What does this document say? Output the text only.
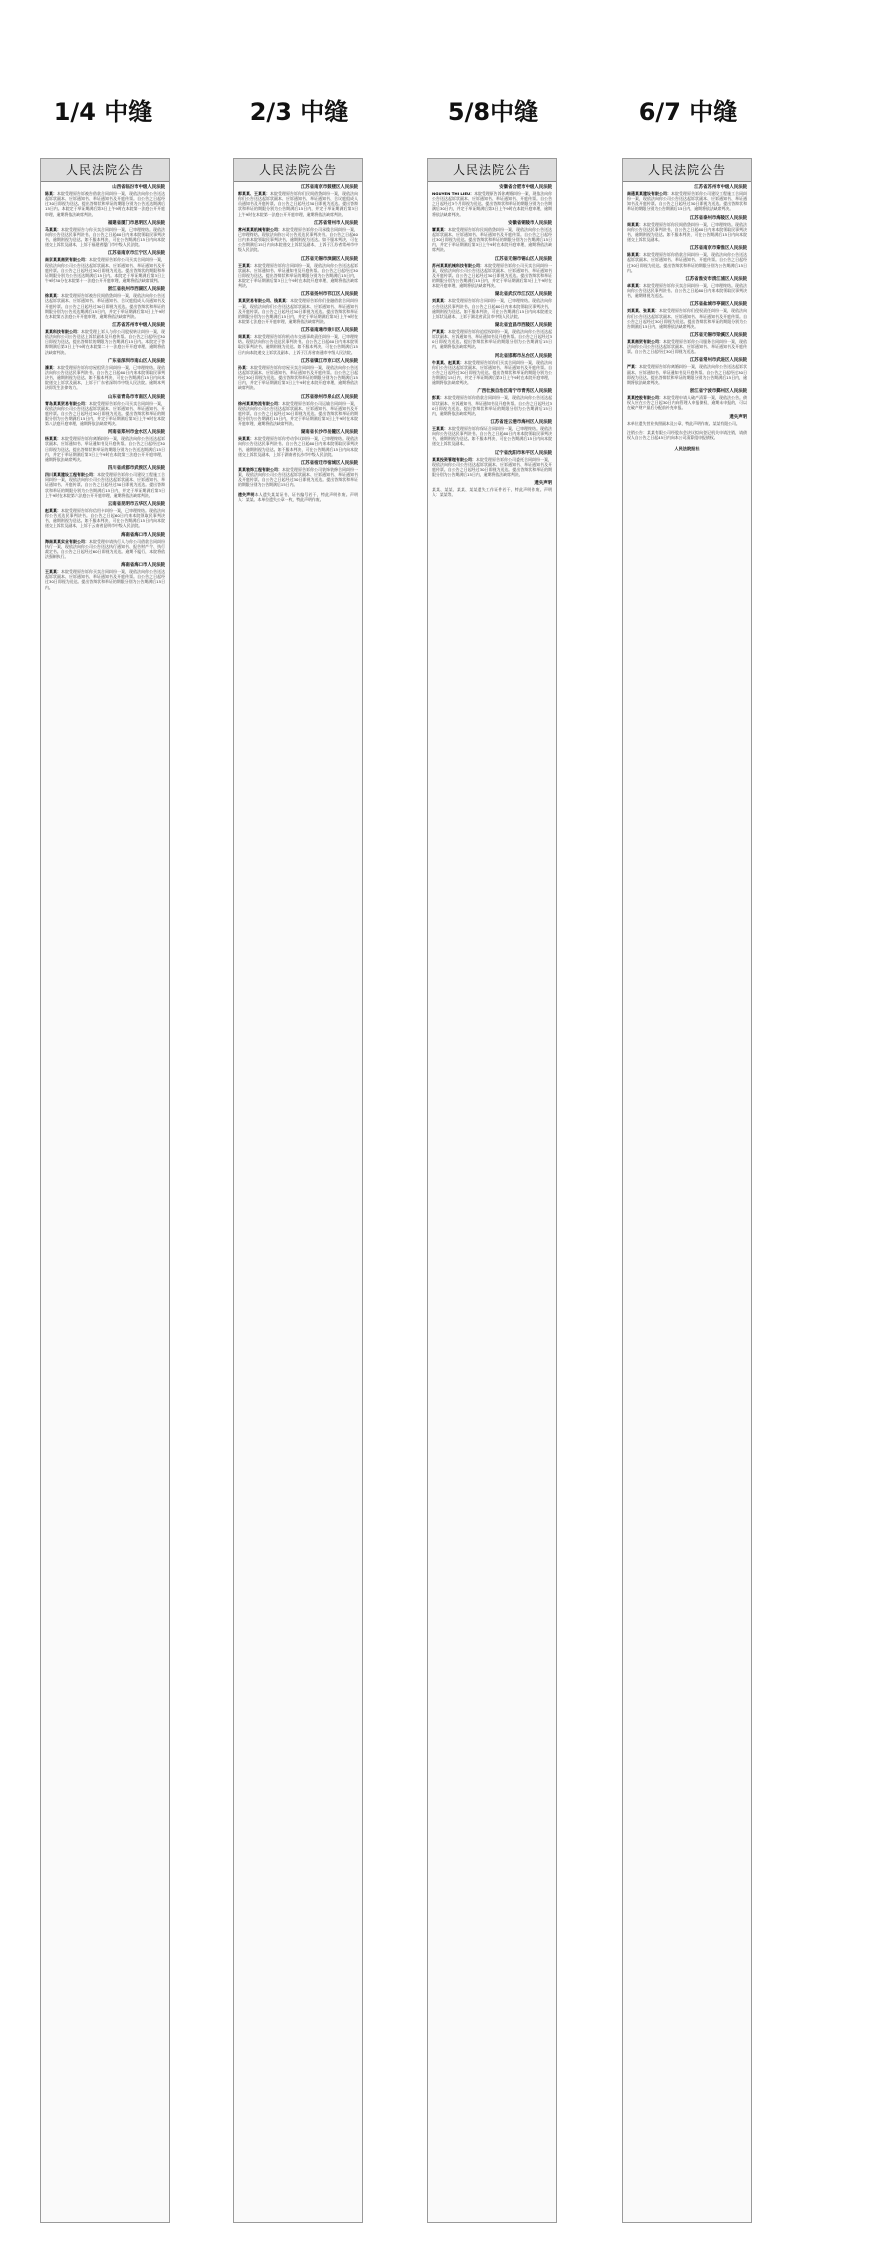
1/4 中缝	2/3 中缝	5/8中缝	6/7 中缝
人民法院公告
山西省临汾市中级人民法院
陈某：本院受理原告诉被告借款合同纠纷一案，现依法向你公告送达起诉状副本、应诉通知书、举证通知书及开庭传票。自公告之日起经过30日即视为送达。提出答辩状和举证的期限分别为公告送达期满后15日内。本院定于举证期满后第3日上午9时在本院第一法庭公开开庭审理，逾期将依法缺席判决。
福建省厦门市思明区人民法院
马某某：本院受理原告与你买卖合同纠纷一案，已审理终结。现依法向你公告送达民事判决书。自公告之日起60日内来本院领取民事判决书，逾期则视为送达。如不服本判决，可在公告期满后15日内向本院递交上诉状及副本，上诉于福建省厦门市中级人民法院。
江苏省南京市江宁区人民法院
南京某某商贸有限公司：本院受理原告诉你公司买卖合同纠纷一案，现依法向你公司公告送达起诉状副本、应诉通知书、举证通知书及开庭传票。自公告之日起经过30日即视为送达。提出答辩状的期限和举证期限分别为公告送达期满后15日内。本院定于举证期满后第3日上午9时30分在本院第十一法庭公开开庭审理，逾期将依法缺席裁判。
浙江省杭州市西湖区人民法院
徐某某：本院受理原告诉被告民间借贷纠纷一案，现依法向你公告送达起诉状副本、应诉通知书、举证通知书、合议庭组成人员通知书及开庭传票。自公告之日起经过30日即视为送达。提出答辩状和举证的期限分别为公告送达期满后15日内，并定于举证期满后第3日上午9时在本院第五法庭公开开庭审理，逾期将依法缺席判决。
江苏省苏州市中级人民法院
某某科技有限公司：本院受理上诉人与你公司股权转让纠纷一案，现依法向你公司公告送达上诉状副本及开庭传票。自公告之日起经过30日即视为送达。提出答辩状的期限为公告期满后15日内。本院定于答辩期满后第3日上午9时在本院第二十一法庭公开开庭审理，逾期将依法缺席判决。
广东省深圳市南山区人民法院
潘某：本院受理原告诉你房屋租赁合同纠纷一案，已审理终结。现依法向你公告送达民事判决书。自公告之日起60日内来本院领取民事判决书，逾期则视为送达。如不服本判决，可在公告期满后15日内向本院递交上诉状及副本，上诉于广东省深圳市中级人民法院。逾期本判决即发生法律效力。
山东省青岛市市南区人民法院
青岛某某贸易有限公司：本院受理原告诉你公司买卖合同纠纷一案，现依法向你公司公告送达起诉状副本、应诉通知书、举证通知书、开庭传票。自公告之日起经过30日即视为送达。提出答辩状和举证的期限分别为公告期满后15日内，并定于举证期满后第3日上午9时在本院第八法庭开庭审理，逾期将依法缺席判决。
河南省郑州市金水区人民法院
杨某某：本院受理原告诉你离婚纠纷一案，现依法向你公告送达起诉状副本、应诉通知书、举证通知书及开庭传票。自公告之日起经过30日即视为送达。提出答辩状和举证的期限分别为公告送达期满后15日内，并定于举证期满后第3日上午9时在本院第三法庭公开开庭审理，逾期将依法缺席判决。
四川省成都市武侯区人民法院
四川某某建设工程有限公司：本院受理原告诉你公司建设工程施工合同纠纷一案，现依法向你公司公告送达起诉状副本、应诉通知书、举证通知书、开庭传票。自公告之日起经过30日即视为送达。提出答辩状和举证的期限分别为公告期满后15日内，并定于举证期满后第3日上午9时在本院第六法庭公开开庭审理，逾期将依法缺席判决。
云南省昆明市五华区人民法院
赵某某：本院受理原告诉你信用卡纠纷一案，已审理终结。现依法向你公告送达民事判决书。自公告之日起60日内来本院领取民事判决书，逾期则视为送达。如不服本判决，可在公告期满后15日内向本院递交上诉状及副本，上诉于云南省昆明市中级人民法院。
海南省海口市人民法院
海南某某实业有限公司：本院受理申请执行人与你公司借款合同纠纷执行一案，现依法向你公司公告送达执行通知书、报告财产令、执行裁定书。自公告之日起经过60日即视为送达。逾期不履行，本院将依法强制执行。
海南省海口市人民法院
王某某：本院受理原告诉你买卖合同纠纷一案，现依法向你公告送达起诉状副本、应诉通知书、举证通知书及开庭传票。自公告之日起经过30日即视为送达。提出答辩状和举证的期限分别为公告期满后15日内。
人民法院公告
江苏省南京市鼓楼区人民法院
郭某某、王某某：本院受理原告诉你们民间借贷纠纷一案，现依法向你们公告送达起诉状副本、应诉通知书、举证通知书、合议庭组成人员通知书及开庭传票。自公告之日起经过30日即视为送达。提出答辩状和举证的期限分别为公告期满后15日内，并定于举证期满后第3日上午9时在本院第一法庭公开开庭审理，逾期将依法缺席判决。
江苏省常州市人民法院
常州某某机械有限公司：本院受理原告诉你公司承揽合同纠纷一案，已审理终结。现依法向你公司公告送达民事判决书。自公告之日起60日内来本院领取民事判决书，逾期则视为送达。如不服本判决，可在公告期满后15日内向本院递交上诉状及副本，上诉于江苏省常州市中级人民法院。
江苏省无锡市滨湖区人民法院
王某某：本院受理原告诉你合同纠纷一案，现依法向你公告送达起诉状副本、应诉通知书、举证通知书及开庭传票。自公告之日起经过30日即视为送达。提出答辩状和举证的期限分别为公告期满后15日内，本院定于举证期满后第3日上午9时在本院开庭审理，逾期将依法缺席判决。
江苏省扬州市邗江区人民法院
某某贸易有限公司、钱某某：本院受理原告诉你们金融借款合同纠纷一案，现依法向你们公告送达起诉状副本、应诉通知书、举证通知书及开庭传票。自公告之日起经过30日即视为送达。提出答辩状和举证的期限分别为公告期满后15日内，并定于举证期满后第3日上午9时在本院第七法庭公开开庭审理，逾期将依法缺席判决。
江苏省南通市崇川区人民法院
周某某：本院受理原告诉你机动车交通事故责任纠纷一案，已审理终结。现依法向你公告送达民事判决书。自公告之日起60日内来本院领取民事判决书，逾期则视为送达。如不服本判决，可在公告期满后15日内向本院递交上诉状及副本，上诉于江苏省南通市中级人民法院。
江苏省镇江市京口区人民法院
孙某：本院受理原告诉你房屋买卖合同纠纷一案，现依法向你公告送达起诉状副本、应诉通知书、举证通知书及开庭传票。自公告之日起经过30日即视为送达。提出答辩状和举证的期限分别为公告期满后15日内，并定于举证期满后第3日上午9时在本院开庭审理，逾期将依法缺席判决。
江苏省徐州市泉山区人民法院
徐州某某物流有限公司：本院受理原告诉你公司运输合同纠纷一案，现依法向你公司公告送达起诉状副本、应诉通知书、举证通知书及开庭传票。自公告之日起经过30日即视为送达。提出答辩状和举证的期限分别为公告期满后15日内，并定于举证期满后第3日上午9时在本院开庭审理，逾期将依法缺席判决。
湖南省长沙市岳麓区人民法院
吴某某：本院受理原告诉你劳动争议纠纷一案，已审理终结。现依法向你公告送达民事判决书。自公告之日起60日内来本院领取民事判决书，逾期则视为送达。如不服本判决，可在公告期满后15日内向本院递交上诉状及副本，上诉于湖南省长沙市中级人民法院。
江苏省宿迁市宿城区人民法院
某某装饰工程有限公司：本院受理原告诉你公司装饰装修合同纠纷一案，现依法向你公司公告送达起诉状副本、应诉通知书、举证通知书及开庭传票。自公告之日起经过30日即视为送达。提出答辩状和举证的期限分别为公告期满后15日内。
遗失声明本人遗失某某证书，证书编号若干，特此声明作废。声明人：某某。本单位遗失公章一枚，特此声明作废。
人民法院公告
安徽省合肥市中级人民法院
NGUYEN THI LIEU：本院受理原告诉你离婚纠纷一案，现依法向你公告送达起诉状副本、应诉通知书、举证通知书、开庭传票。自公告之日起经过3个月即视为送达。提出答辩状和举证的期限分别为公告期满后30日内，并定于举证期满后第3日上午9时在本院开庭审理，逾期将依法缺席判决。
安徽省铜陵市人民法院
覃某某：本院受理原告诉你民间借贷纠纷一案，现依法向你公告送达起诉状副本、应诉通知书、举证通知书及开庭传票。自公告之日起经过30日即视为送达。提出答辩状和举证的期限分别为公告期满后15日内，并定于举证期满后第3日上午9时在本院开庭审理，逾期将依法缺席判决。
江苏省无锡市锡山区人民法院
苏州某某机械科技有限公司：本院受理原告诉你公司买卖合同纠纷一案，现依法向你公司公告送达起诉状副本、应诉通知书、举证通知书及开庭传票。自公告之日起经过30日即视为送达。提出答辩状和举证的期限分别为公告期满后15日内，并定于举证期满后第3日上午9时在本院开庭审理，逾期将依法缺席判决。
湖北省武汉市江汉区人民法院
刘某某：本院受理原告诉你合同纠纷一案，已审理终结。现依法向你公告送达民事判决书。自公告之日起60日内来本院领取民事判决书，逾期则视为送达。如不服本判决，可在公告期满后15日内向本院递交上诉状及副本，上诉于湖北省武汉市中级人民法院。
湖北省宜昌市西陵区人民法院
严某某：本院受理原告诉你追偿权纠纷一案，现依法向你公告送达起诉状副本、应诉通知书、举证通知书及开庭传票。自公告之日起经过30日即视为送达。提出答辩状和举证的期限分别为公告期满后15日内，逾期将依法缺席判决。
河北省邯郸市丛台区人民法院
牛某某、赵某某：本院受理原告诉你们买卖合同纠纷一案，现依法向你们公告送达起诉状副本、应诉通知书、举证通知书及开庭传票。自公告之日起经过30日即视为送达。提出答辩状和举证的期限分别为公告期满后15日内，并定于举证期满后第3日上午9时在本院开庭审理，逾期将依法缺席判决。
广西壮族自治区南宁市青秀区人民法院
彭某：本院受理原告诉你借款合同纠纷一案，现依法向你公告送达起诉状副本、应诉通知书、举证通知书及开庭传票。自公告之日起经过30日即视为送达。提出答辩状和举证的期限分别为公告期满后15日内，逾期将依法缺席判决。
江苏省连云港市海州区人民法院
王某某：本院受理原告诉你保证合同纠纷一案，已审理终结。现依法向你公告送达民事判决书。自公告之日起60日内来本院领取民事判决书，逾期则视为送达。如不服本判决，可在公告期满后15日内向本院递交上诉状及副本。
辽宁省沈阳市和平区人民法院
某某投资管理有限公司：本院受理原告诉你公司委托合同纠纷一案，现依法向你公司公告送达起诉状副本、应诉通知书、举证通知书及开庭传票。自公告之日起经过30日即视为送达。提出答辩状和举证的期限分别为公告期满后15日内，逾期将依法缺席判决。
遗失声明
某某、某某、某某、某某遗失工作证件若干，特此声明作废。声明人：某某等。
人民法院公告
江苏省苏州市中级人民法院
南通某某建设有限公司：本院受理原告诉你公司建设工程施工合同纠纷一案，现依法向你公司公告送达起诉状副本、应诉通知书、举证通知书及开庭传票。自公告之日起经过30日即视为送达。提出答辩状和举证的期限分别为公告期满后15日内，逾期将依法缺席判决。
江苏省泰州市海陵区人民法院
周某某：本院受理原告诉你民间借贷纠纷一案，已审理终结。现依法向你公告送达民事判决书。自公告之日起60日内来本院领取民事判决书，逾期则视为送达。如不服本判决，可在公告期满后15日内向本院递交上诉状及副本。
江苏省南京市秦淮区人民法院
陈某某：本院受理原告诉你借款合同纠纷一案，现依法向你公告送达起诉状副本、应诉通知书、举证通知书、开庭传票。自公告之日起经过30日即视为送达。提出答辩状和举证的期限分别为公告期满后15日内。
江苏省淮安市清江浦区人民法院
卓某某：本院受理原告诉你买卖合同纠纷一案，已审理终结。现依法向你公告送达民事判决书。自公告之日起60日内来本院领取民事判决书，逾期则视为送达。
江苏省盐城市亭湖区人民法院
刘某某、张某某：本院受理原告诉你们侵权责任纠纷一案，现依法向你们公告送达起诉状副本、应诉通知书、举证通知书及开庭传票。自公告之日起经过30日即视为送达。提出答辩状和举证的期限分别为公告期满后15日内，逾期将依法缺席判决。
江苏省无锡市梁溪区人民法院
某某商贸有限公司：本院受理原告诉你公司服务合同纠纷一案，现依法向你公司公告送达起诉状副本、应诉通知书、举证通知书及开庭传票。自公告之日起经过30日即视为送达。
江苏省常州市武进区人民法院
严某：本院受理原告诉你离婚纠纷一案，现依法向你公告送达起诉状副本、应诉通知书、举证通知书及开庭传票。自公告之日起经过30日即视为送达。提出答辩状和举证的期限分别为公告期满后15日内，逾期将依法缺席判决。
浙江省宁波市鄞州区人民法院
某某控股有限公司：本院受理申请人破产清算一案，现依法公告。债权人应在公告之日起30日内向管理人申报债权，逾期未申报的，可以在破产财产最后分配前补充申报。
遗失声明
本单位遗失营业执照副本及公章，特此声明作废。某某有限公司。
注销公告：某某有限公司经股东会决议拟向登记机关申请注销，请债权人自公告之日起45日内向本公司清算组申报债权。
人民法院报社
